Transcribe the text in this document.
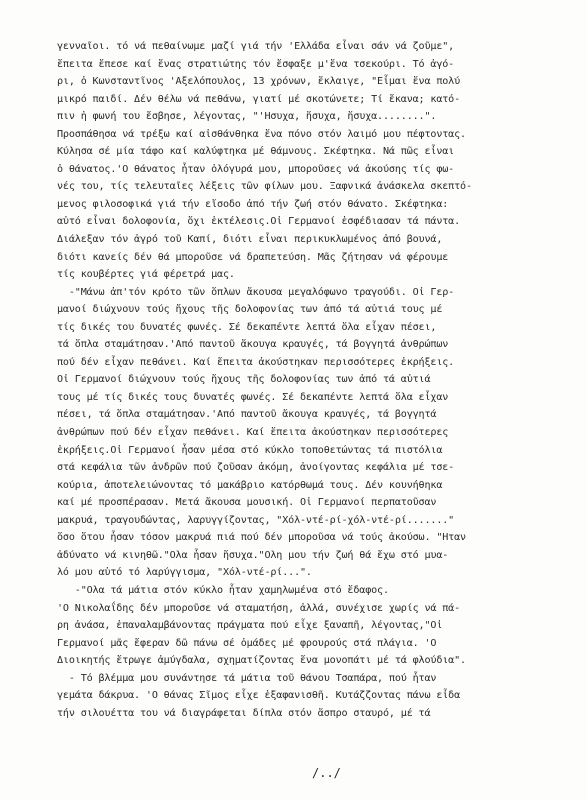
γενναῖοι. τό νά πεθαίνωμε μαζί γιά τήν 'Ελλάδα εἶναι σάν νά ζοῦμε",
ἔπειτα ἔπεσε καί ἕνας στρατιώτης τόν ἔσφαξε μ'ἕνα τσεκούρι. Τό ἀγό-
ρι, ὁ Κωνσταντῖνος 'Αξελόπουλος, 13 χρόνων, ἔκλαιγε, "Εἶμαι ἕνα πολύ
μικρό παιδί. Δέν θέλω νά πεθάνω, γιατί μέ σκοτώνετε; Τί ἔκανα; κατό-
πιν ἡ φωνή του ἔσβησε, λέγοντας, "'Ησυχα, ἥσυχα, ἥσυχα........".
Προσπάθησα νά τρέξω καί αἰσθάνθηκα ἕνα πόνο στόν λαιμό μου πέφτοντας.
Κύλησα σέ μία τάφο καί καλύφτηκα μέ θάμνους. Σκέφτηκα. Νά πῶς εἶναι
ὁ θάνατος.'Ο θάνατος ἦταν ὁλόγυρά μου, μποροῦσες νά ἀκούσης τίς φω-
νές του, τίς τελευταῖες λέξεις τῶν φίλων μου. Ξαφνικά ἀνάσκελα σκεπτό-
μενος φιλοσοφικά γιά τήν εἴσοδο ἀπό τήν ζωή στόν θάνατο. Σκέφτηκα:
αὐτό εἶναι δολοφονία, ὄχι ἐκτέλεσις.Οἱ Γερμανοί ἐσφέδιασαν τά πάντα.
Διάλεξαν τόν ἀγρό τοῦ Καπί, διότι εἶναι περικυκλωμένος ἀπό βουνά,
διότι κανείς δέν θά μποροῦσε νά δραπετεύση. Μᾶς ζήτησαν νά φέρουμε
τίς κουβέρτες γιά φέρετρά μας.
-"Μάνω ἀπ'τόν κρότο τῶν ὅπλων ἄκουσα μεγαλόφωνο τραγούδι. Οἱ Γερ-
μανοί διώχνουν τούς ἤχους τῆς δολοφονίας των ἀπό τά αὐτιά τους μέ
τίς δικές του δυνατές φωνές. Σέ δεκαπέντε λεπτά ὅλα εἶχαν πέσει,
τά ὅπλα σταμάτησαν.'Από παντοῦ ἄκουγα κραυγές, τά βογγητά ἀνθρώπων
πού δέν εἶχαν πεθάνει. Καί ἔπειτα ἀκούστηκαν περισσότερες ἐκρήξεις.
Οἱ Γερμανοί διώχνουν τούς ἤχους τῆς δολοφονίας των ἀπό τά αὐτιά
τους μέ τίς δικές τους δυνατές φωνές. Σέ δεκαπέντε λεπτά ὅλα εἶχαν
πέσει, τά ὅπλα σταμάτησαν.'Από παντοῦ ἄκουγα κραυγές, τά βογγητά
ἀνθρώπων πού δέν εἶχαν πεθάνει. Καί ἔπειτα ἀκούστηκαν περισσότερες
ἐκρήξεις.Οἱ Γερμανοί ἦσαν μέσα στό κύκλο τοποθετώντας τά πιστόλια
στά κεφάλια τῶν ἀνδρῶν πού ζοῦσαν ἀκόμη, ἀνοίγοντας κεφάλια μέ τσε-
κούρια, ἀποτελειώνοντας τό μακάβριο κατόρθωμά τους. Δέν κουνήθηκα
καί μέ προσπέρασαν. Μετά ἄκουσα μουσική. Οἱ Γερμανοί περπατοῦσαν
μακρυά, τραγουδώντας, λαρυγγίζοντας, "Χόλ-ντέ-ρί-χόλ-ντέ-ρί......."
ὅσο ὅτου ἦσαν τόσον μακρυά πιά πού δέν μποροῦσα νά τούς ἀκούσω. "Ηταν
ἀδύνατο νά κινηθῶ."Ολα ἦσαν ἥσυχα."Ολη μου τήν ζωή θά ἔχω στό μυα-
λό μου αὐτό τό λαρύγγισμα, "Χόλ-ντέ-ρί...".
-"Ολα τά μάτια στόν κύκλο ἦταν χαμηλωμένα στό ἔδαφος.
'Ο Νικολαΐδης δέν μποροῦσε νά σταματήση, ἀλλά, συνέχισε χωρίς νά πά-
ρη ἀνάσα, ἐπαναλαμβάνοντας πράγματα πού εἶχε ξαναπῆ, λέγοντας,"Οἱ
Γερμανοί μᾶς ἔφεραν δῶ πάνω σέ ὁμάδες μέ φρουρούς στά πλάγια. 'Ο
Διοικητής ἔτρωγε ἀμύγδαλα, σχηματίζοντας ἕνα μονοπάτι μέ τά φλούδια".
- Τό βλέμμα μου συνάντησε τά μάτια τοῦ θάνου Τσαπάρα, πού ἦταν
γεμάτα δάκρυα. 'Ο θάνας Σῖμος εἶχε ἐξαφανισθῆ. Κυτάζζοντας πάνω εἶδα
τήν σιλουέττα του νά διαγράφεται δίπλα στόν ἄσπρο σταυρό, μέ τά
/../
